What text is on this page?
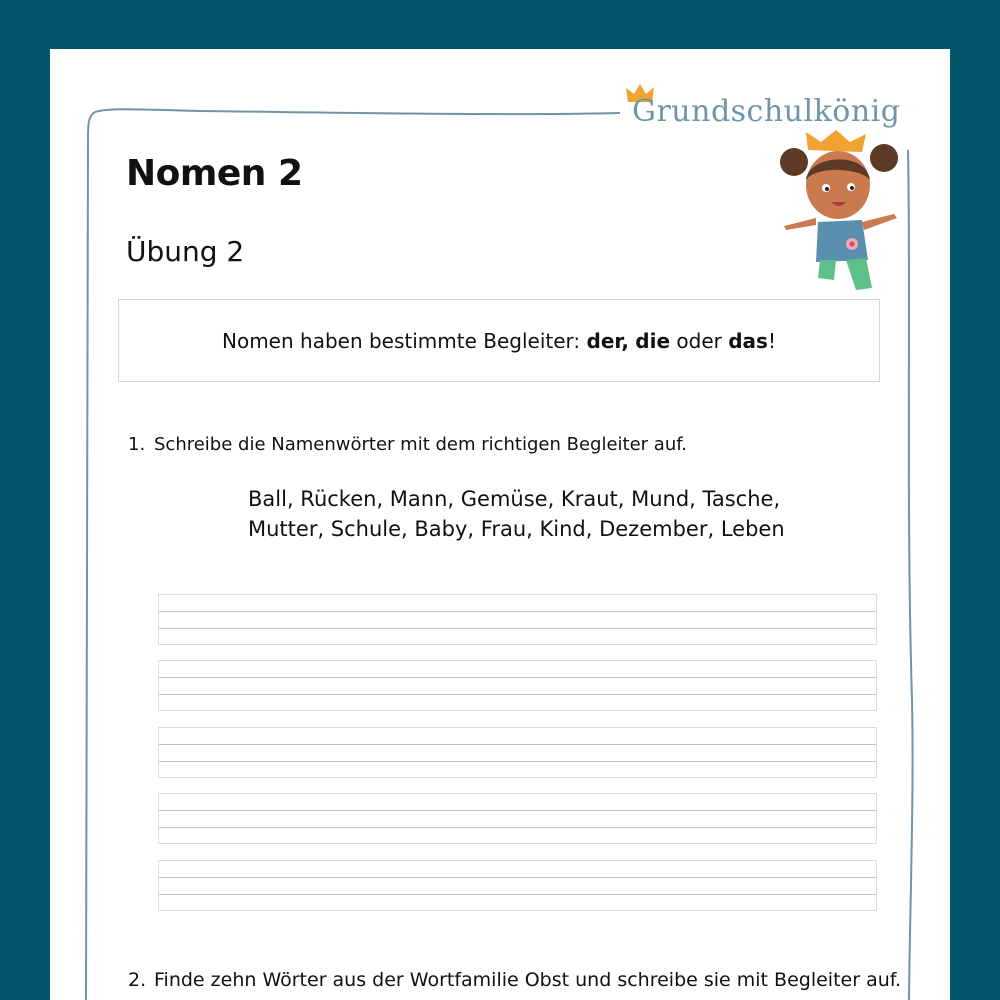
Grundschulkönig
Nomen 2
Übung 2
Nomen haben bestimmte Begleiter: der, die oder das!
1. Schreibe die Namenwörter mit dem richtigen Begleiter auf.
Ball, Rücken, Mann, Gemüse, Kraut, Mund, Tasche,
Mutter, Schule, Baby, Frau, Kind, Dezember, Leben
2. Finde zehn Wörter aus der Wortfamilie Obst und schreibe sie mit Begleiter auf.
